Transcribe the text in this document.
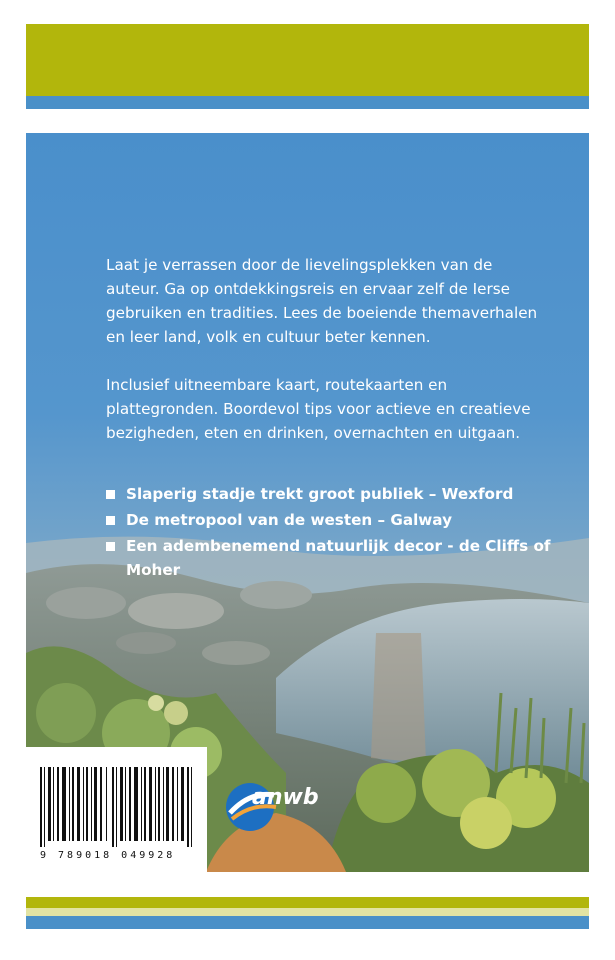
Laat je verrassen door de lievelingsplekken van de auteur. Ga op ontdekkingsreis en ervaar zelf de Ierse gebruiken en tradities. Lees de boeiende themaverhalen en leer land, volk en cultuur beter kennen.
Inclusief uitneembare kaart, routekaarten en plattegronden. Boordevol tips voor actieve en creatieve bezigheden, eten en drinken, overnachten en uitgaan.
Slaperig stadje trekt groot publiek – Wexford
De metropool van de westen – Galway
Een adembenemend natuurlijk decor - de Cliffs of Moher
9 789018 049928
anwb
